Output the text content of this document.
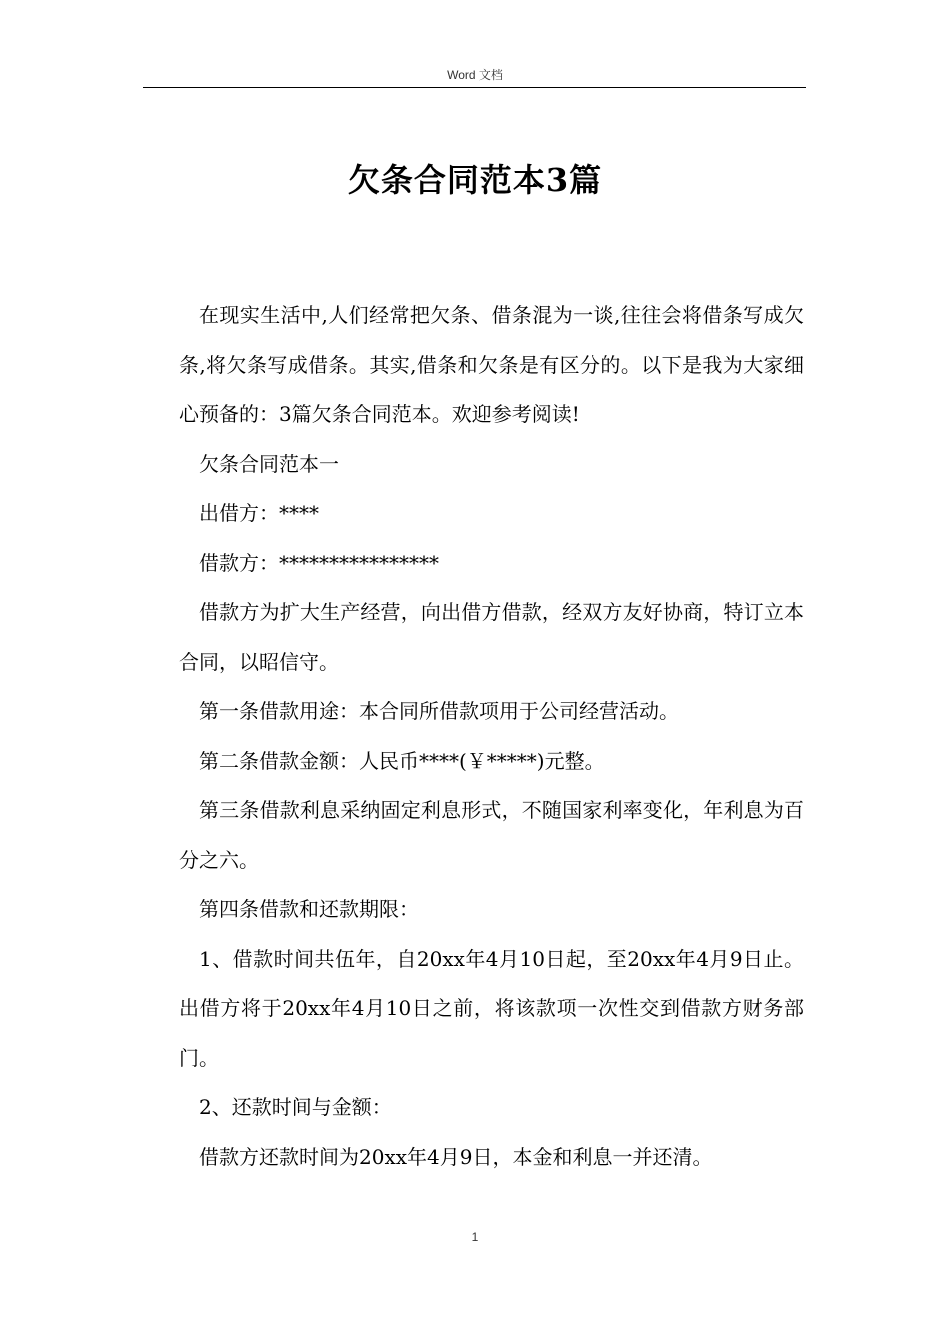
Word 文档
欠条合同范本3篇

在现实生活中,人们经常把欠条、借条混为一谈,往往会将借条写成欠条,将欠条写成借条。其实,借条和欠条是有区分的。以下是我为大家细心预备的：3篇欠条合同范本。欢迎参考阅读!

欠条合同范本一

出借方：****

借款方：****************

借款方为扩大生产经营，向出借方借款，经双方友好协商，特订立本合同，以昭信守。

第一条借款用途：本合同所借款项用于公司经营活动。

第二条借款金额：人民币****(￥*****)元整。

第三条借款利息采纳固定利息形式，不随国家利率变化，年利息为百分之六。

第四条借款和还款期限：

1、借款时间共伍年，自20xx年4月10日起，至20xx年4月9日止。出借方将于20xx年4月10日之前，将该款项一次性交到借款方财务部门。

2、还款时间与金额：

借款方还款时间为20xx年4月9日，本金和利息一并还清。

1
